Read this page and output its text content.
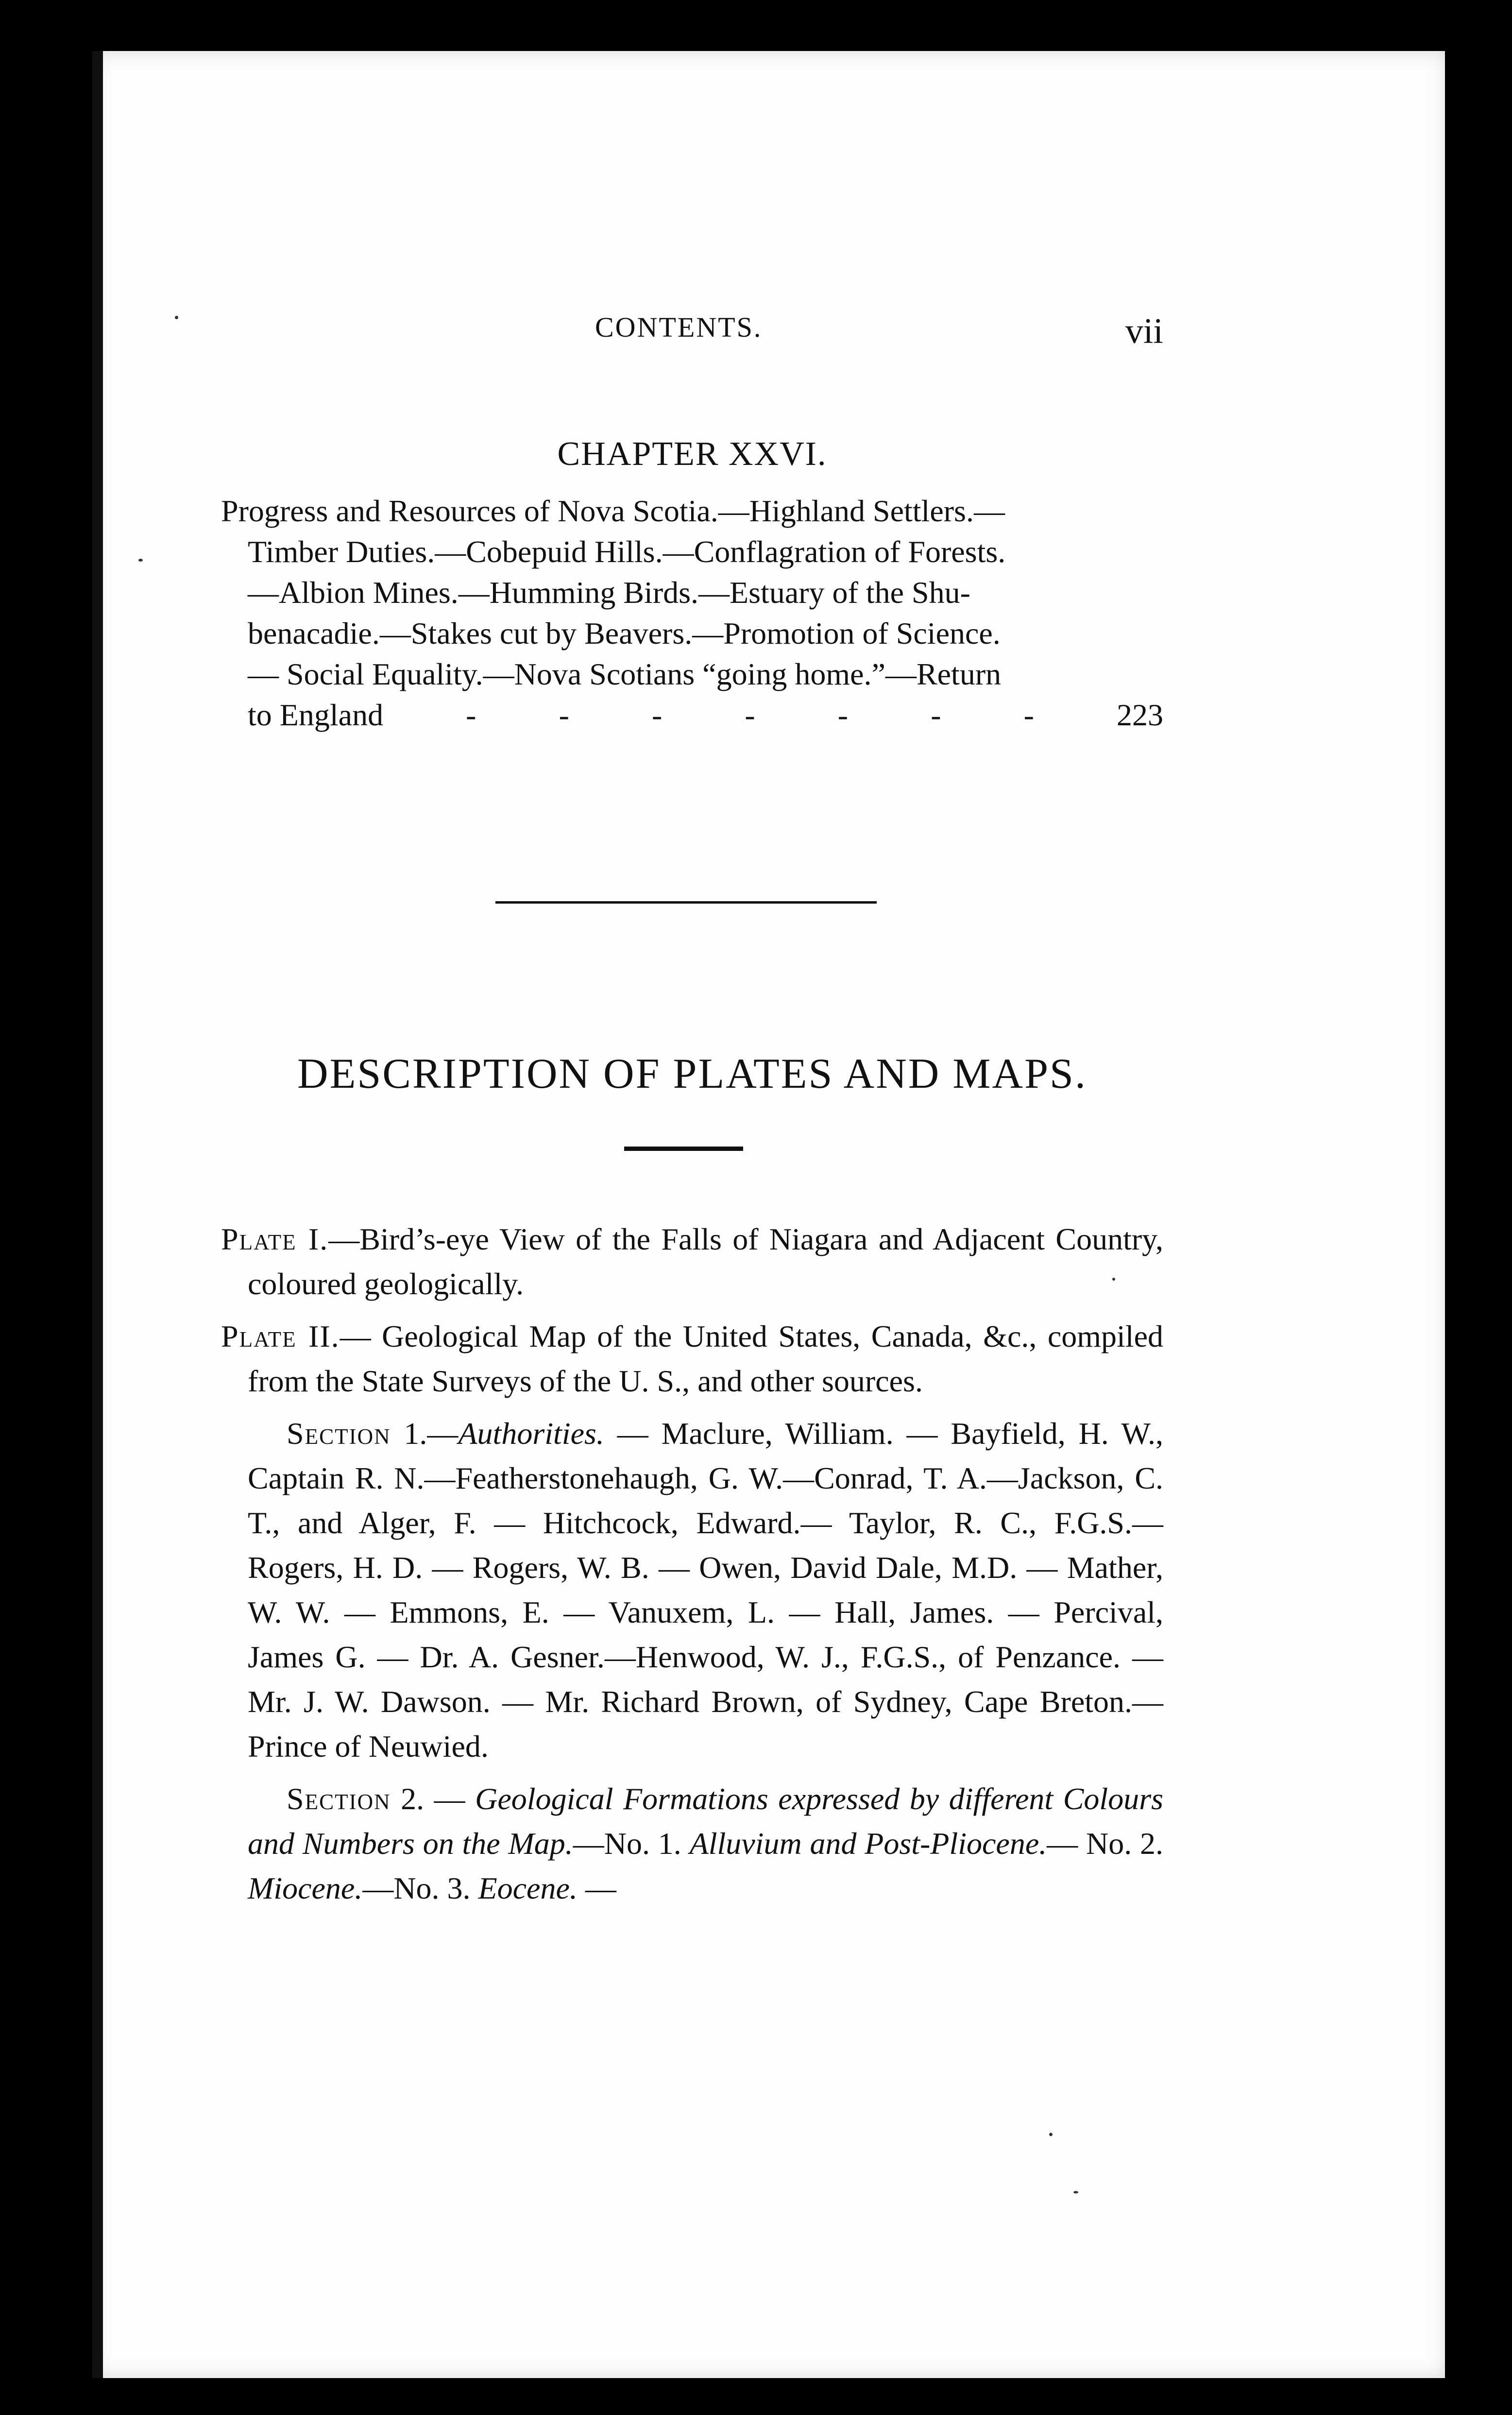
CONTENTS.	vii
CHAPTER XXVI.
Progress and Resources of Nova Scotia.—Highland Settlers.—
Timber Duties.—Cobepuid Hills.—Conflagration of Forests.
—Albion Mines.—Humming Birds.—Estuary of the Shu-
benacadie.—Stakes cut by Beavers.—Promotion of Science.
— Social Equality.—Nova Scotians “going home.”—Return
to England	-	-	-	-	-	-	-	223
DESCRIPTION OF PLATES AND MAPS.

Plate I.—Bird’s-eye View of the Falls of Niagara and Adjacent Country, coloured geologically.

Plate II.— Geological Map of the United States, Canada, &c., compiled from the State Surveys of the U. S., and other sources.

Section 1.—Authorities. — Maclure, William. — Bayfield, H. W., Captain R. N.—Featherstonehaugh, G. W.—Conrad, T. A.—Jackson, C. T., and Alger, F. — Hitchcock, Edward.— Taylor, R. C., F.G.S.— Rogers, H. D. — Rogers, W. B. — Owen, David Dale, M.D. — Mather, W. W. — Emmons, E. — Vanuxem, L. — Hall, James. — Percival, James G. — Dr. A. Gesner.—Henwood, W. J., F.G.S., of Penzance. — Mr. J. W. Dawson. — Mr. Richard Brown, of Sydney, Cape Breton.—Prince of Neuwied.

Section 2. — Geological Formations expressed by different Colours and Numbers on the Map.—No. 1. Alluvium and Post-Pliocene.— No. 2. Miocene.—No. 3. Eocene. —
